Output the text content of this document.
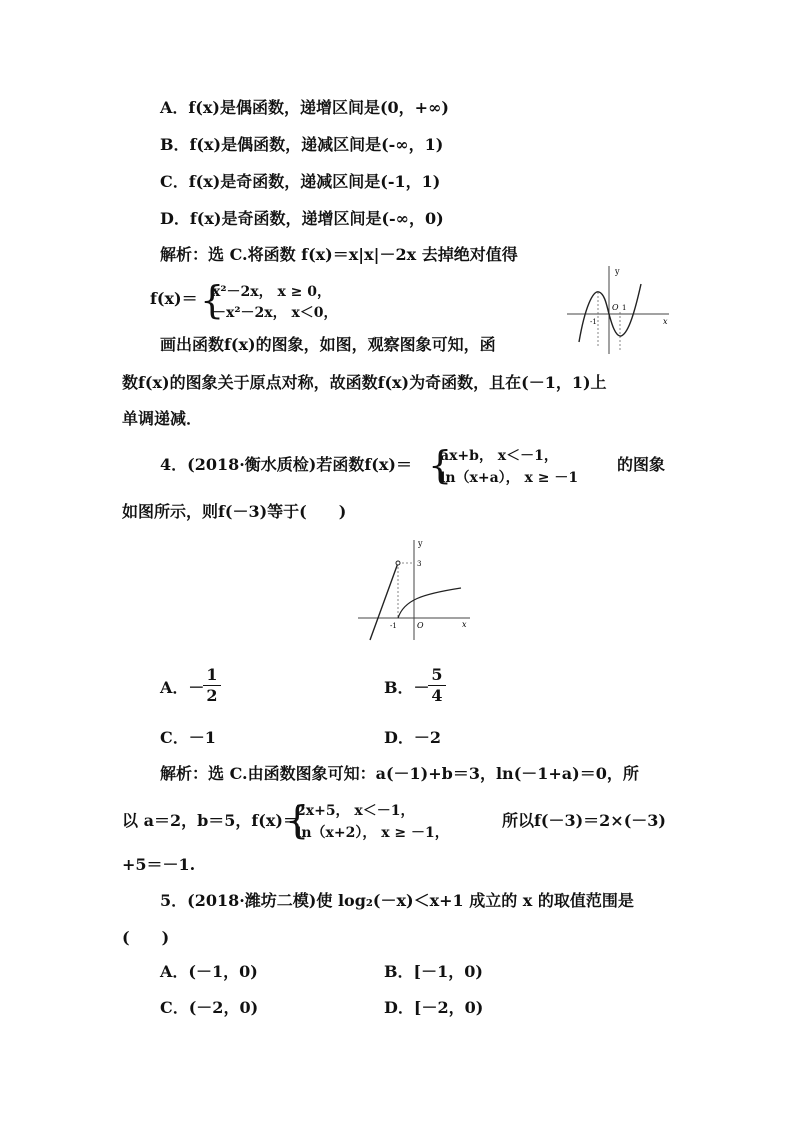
A．f(x)是偶函数，递增区间是(0，+∞)
B．f(x)是偶函数，递减区间是(-∞，1)
C．f(x)是奇函数，递减区间是(-1，1)
D．f(x)是奇函数，递增区间是(-∞，0)
解析：选 C.将函数 f(x)＝x|x|－2x 去掉绝对值得
f(x)＝ {
x²－2x， x ≥ 0，
－x²－2x， x＜0，
y
x
O
-1
1
画出函数f(x)的图象，如图，观察图象可知，函
数f(x)的图象关于原点对称，故函数f(x)为奇函数，且在(－1，1)上
单调递减．
4．(2018·衡水质检)若函数f(x)＝ {
ax+b， x＜－1，
ln（x+a）， x ≥ －1
的图象
如图所示，则f(－3)等于(　　)
y
x
O
-1
3
A．－
1
2	B．－
5
4
C．－1	D．－2
解析：选 C.由函数图象可知：a(－1)+b＝3，ln(－1+a)＝0，所
以 a＝2，b＝5，f(x)＝
{
2x+5， x＜－1，
ln（x+2）， x ≥ －1，
所以f(－3)＝2×(－3)
+5＝－1.
5．(2018·潍坊二模)使 log₂(－x)＜x+1 成立的 x 的取值范围是
(　　)
A．(－1，0)	B．[－1，0)
C．(－2，0)	D．[－2，0)
